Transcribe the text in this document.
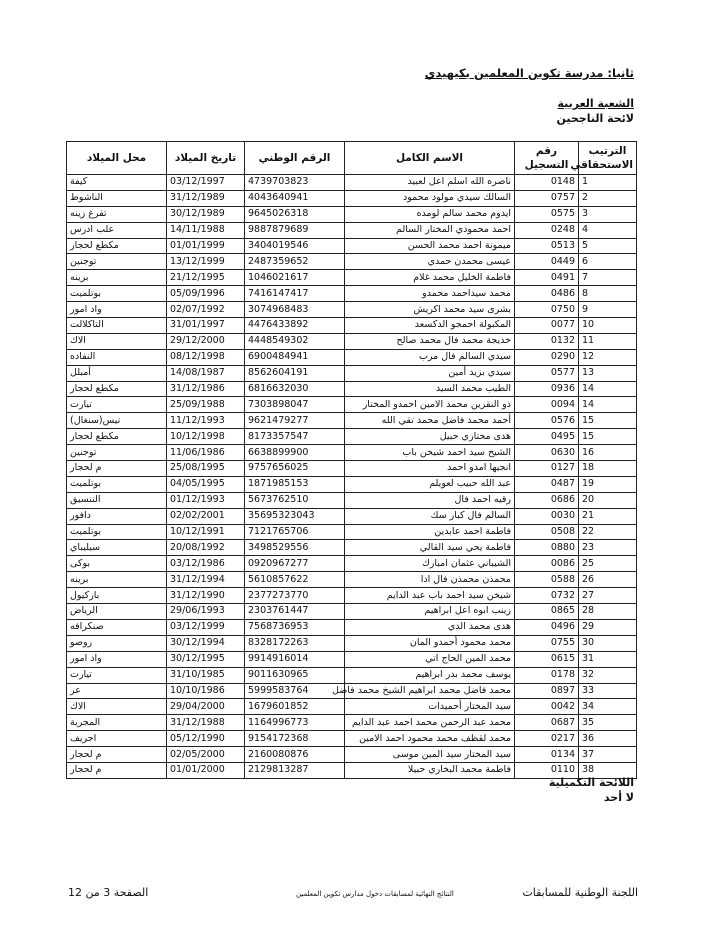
ثانيا: مدرسة تكوين المعلمين بكيهيدي
الشعبة العربية
لائحة الناجحين
الترتيب الاستحقاقي	رقم التسجيل	الاسم الكامل	الرقم الوطني	تاريخ الميلاد	محل الميلاد
1	0148	ناصره الله اسلم اعل لعبيد	4739703823	03/12/1997	كيفة
2	0757	السالك سيدي مولود محمود	4043640941	31/12/1989	الناشوط
3	0575	ايدوم محمد سالم لومده	9645026318	30/12/1989	تفرغ زينه
4	0248	احمد محمودي المختار السالم	9887879689	14/11/1988	علب ادرس
5	0513	ميمونة احمد محمد الحسن	3404019546	01/01/1999	مكطع لحجار
6	0449	عيسى محمدن حمدي	2487359652	13/12/1999	توجنين
7	0491	فاطمة الخليل محمد غلام	1046021617	21/12/1995	برينه
8	0486	محمد سيداحمد محمدو	7416147417	05/09/1996	بوتلميت
9	0750	بشرى سيد محمد اكريش	3074968483	02/07/1992	واد امور
10	0077	المكبولة احمجو الدكسعد	4476433892	31/01/1997	التاكلالت
11	0132	خديجة محمد فال محمد صالح	4448549302	29/12/2000	الاك
12	0290	سيدي السالم فال مرب	6900484941	08/12/1998	النفاده
13	0577	سيدي بزيد أمين	8562604191	14/08/1987	أمبلل
14	0936	الطيب محمد السيد	6816632030	31/12/1986	مكطع لحجار
14	0094	ذو النقرين محمد الامين احمدو المختار	7303898047	25/09/1988	تيارت
15	0576	أحمد محمد فاضل محمد تقي الله	9621479277	11/12/1993	تيس(سنغال)
15	0495	هدى مختاري حبيل	8173357547	10/12/1998	مكطع لحجار
16	0630	الشيخ سيد احمد شيخن باب	6638899900	11/06/1986	توجنين
18	0127	انجيها امدو احمد	9757656025	25/08/1995	م لحجار
19	0487	عبد الله حبيب لعويلم	1871985153	04/05/1995	بوتلميت
20	0686	رقيه احمد فال	5673762510	01/12/1993	التنسيق
21	0030	السالم فال كبار سك	35695323043	02/02/2001	دافور
22	0508	فاطمة احمد عابدين	7121765706	10/12/1991	بوتلميت
23	0880	فاطمة يحي سيد القالي	3498529556	20/08/1992	سيليباي
25	0086	الشيباني عثمان امبارك	0920967277	03/12/1986	بوكى
26	0588	محمذن محمذن فال ادا	5610857622	31/12/1994	برينه
27	0732	شيخن سيد احمد باب عبد الدايم	2377273770	31/12/1990	باركيول
28	0865	زينب ابوه اعل ابراهيم	2303761447	29/06/1993	الرياض
29	0496	هدى محمد الدي	7568736953	03/12/1999	صنكرافه
30	0755	محمد محمود أحمدو المان	8328172263	30/12/1994	روصو
31	0615	محمد المين الحاج اتي	9914916014	30/12/1995	واد امور
32	0178	يوسف محمد بدر ابراهيم	9011630965	31/10/1985	تيارت
33	0897	محمد فاضل محمد ابراهيم الشيخ محمد فاضل	5999583764	10/10/1986	عر
34	0042	سيد المختار أحميدات	1679601852	29/04/2000	الاك
35	0687	محمد عبد الرحمن محمد احمد عبد الدايم	1164996773	31/12/1988	المجرية
36	0217	محمد لقظف محمد محمود احمد الامين	9154172368	05/12/1990	اجريف
37	0134	سيد المختار سيد المين موسى	2160080876	02/05/2000	م لحجار
38	0110	فاطمة محمد البخاري حبيلا	2129813287	01/01/2000	م لحجار
اللائحة التكميلية
لا أحد
اللجنة الوطنية للمسابقات
النتائج النهائية لمسابقات دخول مدارس تكوين المعلمين
الصفحة 3 من 12
